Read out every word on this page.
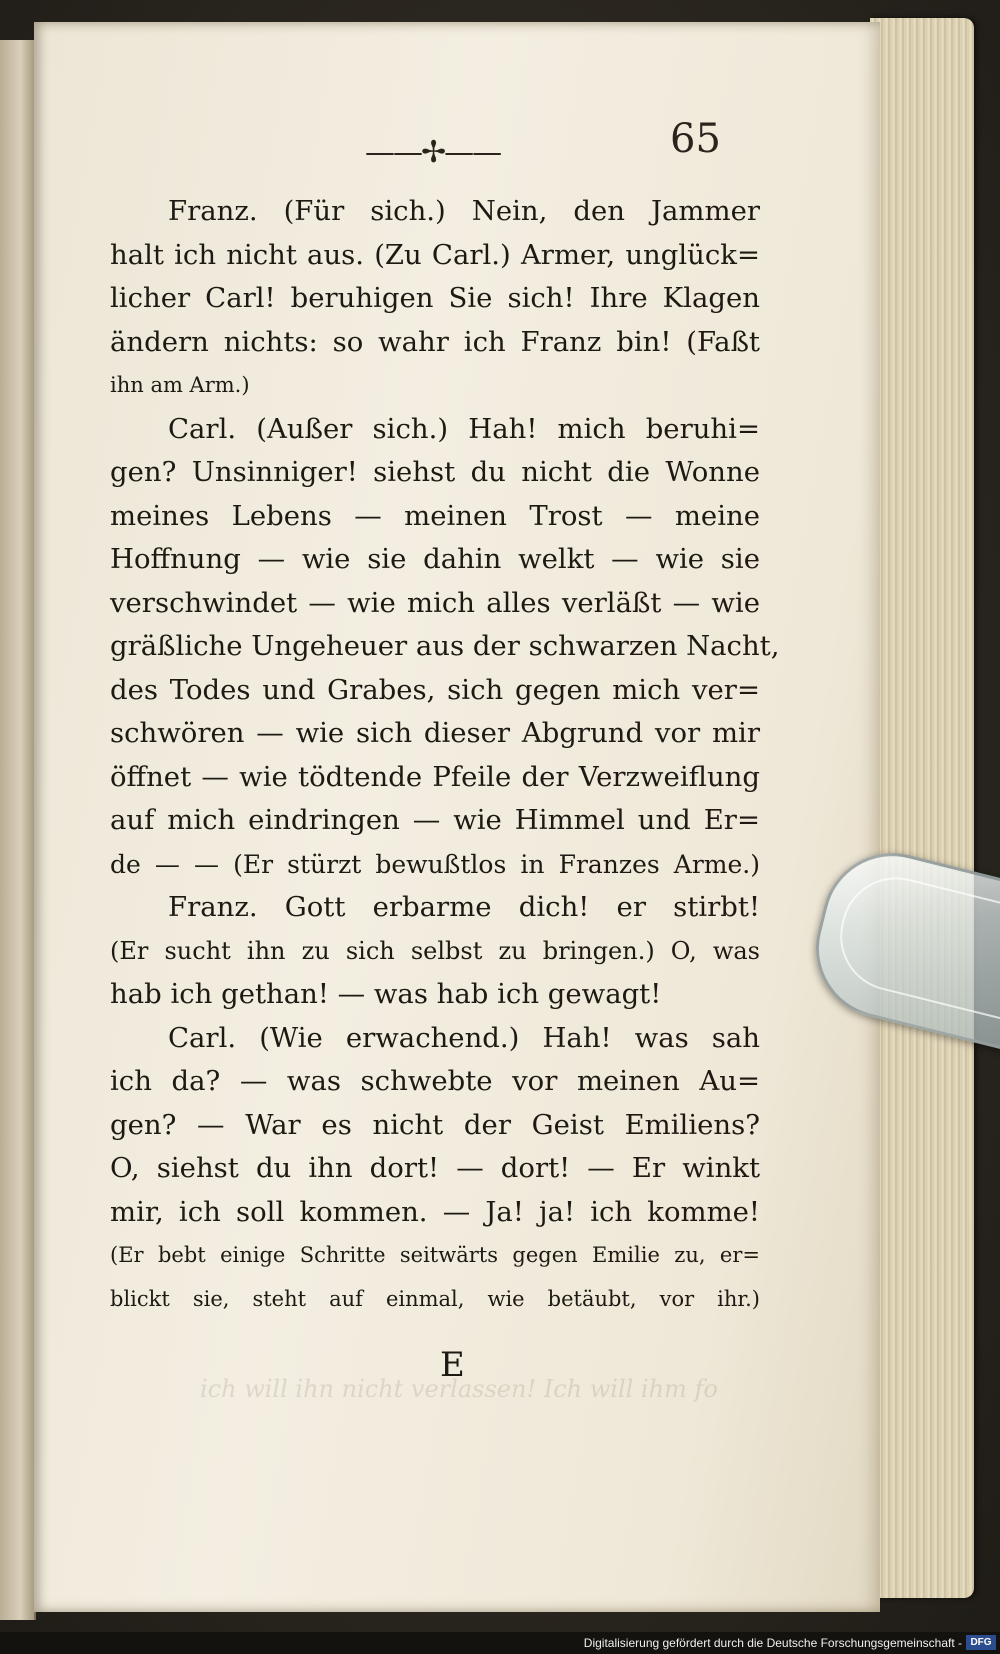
——✢——	65
Franz. (Für sich.) Nein, den Jammer
halt ich nicht aus. (Zu Carl.) Armer, unglück=
licher Carl! beruhigen Sie sich! Ihre Klagen
ändern nichts: so wahr ich Franz bin! (Faßt
ihn am Arm.)
Carl. (Außer sich.) Hah! mich beruhi=
gen? Unsinniger! siehst du nicht die Wonne
meines Lebens — meinen Trost — meine
Hoffnung — wie sie dahin welkt — wie sie
verschwindet — wie mich alles verläßt — wie
gräßliche Ungeheuer aus der schwarzen Nacht,
des Todes und Grabes, sich gegen mich ver=
schwören — wie sich dieser Abgrund vor mir
öffnet — wie tödtende Pfeile der Verzweiflung
auf mich eindringen — wie Himmel und Er=
de — — (Er stürzt bewußtlos in Franzes Arme.)
Franz. Gott erbarme dich! er stirbt!
(Er sucht ihn zu sich selbst zu bringen.) O, was
hab ich gethan! — was hab ich gewagt!
Carl. (Wie erwachend.) Hah! was sah
ich da? — was schwebte vor meinen Au=
gen? — War es nicht der Geist Emiliens?
O, siehst du ihn dort! — dort! — Er winkt
mir, ich soll kommen. — Ja! ja! ich komme!
(Er bebt einige Schritte seitwärts gegen Emilie zu, er=
blickt sie, steht auf einmal, wie betäubt, vor ihr.)
E
ich will ihn nicht verlassen! Ich will ihm fo
Digitalisierung gefördert durch die Deutsche Forschungsgemeinschaft - DFG
